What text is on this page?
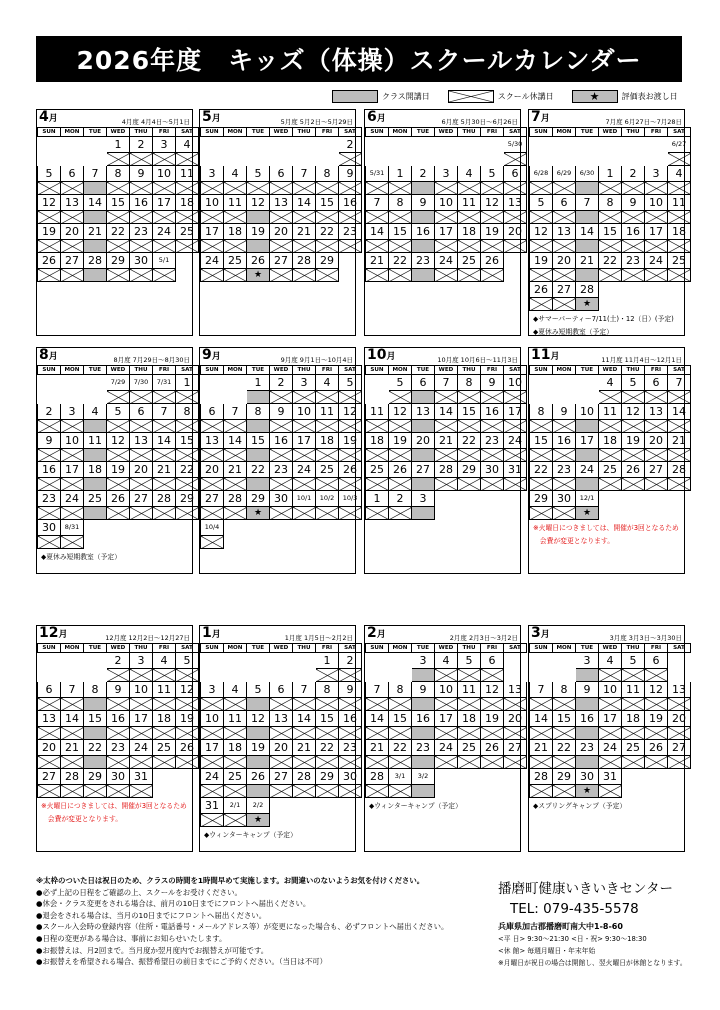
2026年度　キッズ（体操）スクールカレンダー
クラス開講日	スクール休講日	★	評価表お渡し日
4月	4月度 4月4日～5月1日
SUN	MON	TUE	WED	THU	FRI	SAT
			1	2	3	4

5	6	7	8	9	10	11

12	13	14	15	16	17	18

19	20	21	22	23	24	25

26	27	28	29	30	5/1	

5月	5月度 5月2日～5月29日
SUN	MON	TUE	WED	THU	FRI	SAT
						2

3	4	5	6	7	8	9

10	11	12	13	14	15	16

17	18	19	20	21	22	23

24	25	26	27	28	29	
		★				
6月	6月度 5月30日～6月26日
SUN	MON	TUE	WED	THU	FRI	SAT
						5/30

5/31	1	2	3	4	5	6

7	8	9	10	11	12	13

14	15	16	17	18	19	20

21	22	23	24	25	26	

7月	7月度 6月27日～7月28日
SUN	MON	TUE	WED	THU	FRI	SAT
						6/27

6/28	6/29	6/30	1	2	3	4

5	6	7	8	9	10	11

12	13	14	15	16	17	18

19	20	21	22	23	24	25

26	27	28				
		★				
◆サマーパーティー7/11(土)・12（日）(予定)
◆夏休み短期教室（予定）
8月	8月度 7月29日～8月30日
SUN	MON	TUE	WED	THU	FRI	SAT
			7/29	7/30	7/31	1

2	3	4	5	6	7	8

9	10	11	12	13	14	15

16	17	18	19	20	21	22

23	24	25	26	27	28	29

30	8/31					

◆夏休み短期教室（予定）
9月	9月度 9月1日～10月4日
SUN	MON	TUE	WED	THU	FRI	SAT
		1	2	3	4	5

6	7	8	9	10	11	12

13	14	15	16	17	18	19

20	21	22	23	24	25	26

27	28	29	30	10/1	10/2	10/3
		★				
10/4						

10月	10月度 10月6日～11月3日
SUN	MON	TUE	WED	THU	FRI	SAT
	5	6	7	8	9	10

11	12	13	14	15	16	17

18	19	20	21	22	23	24

25	26	27	28	29	30	31

1	2	3				

11月	11月度 11月4日～12月1日
SUN	MON	TUE	WED	THU	FRI	SAT
			4	5	6	7

8	9	10	11	12	13	14

15	16	17	18	19	20	21

22	23	24	25	26	27	28

29	30	12/1				
		★				
※火曜日につきましては、開催が3回となるため
　会費が変更となります。
12月	12月度 12月2日～12月27日
SUN	MON	TUE	WED	THU	FRI	SAT
			2	3	4	5

6	7	8	9	10	11	12

13	14	15	16	17	18	19

20	21	22	23	24	25	26

27	28	29	30	31		

※火曜日につきましては、開催が3回となるため
　会費が変更となります。
1月	1月度 1月5日～2月2日
SUN	MON	TUE	WED	THU	FRI	SAT
					1	2

3	4	5	6	7	8	9

10	11	12	13	14	15	16

17	18	19	20	21	22	23

24	25	26	27	28	29	30

31	2/1	2/2				
		★				
◆ウィンターキャンプ（予定）
2月	2月度 2月3日～3月2日
SUN	MON	TUE	WED	THU	FRI	SAT
		3	4	5	6	

7	8	9	10	11	12	13

14	15	16	17	18	19	20

21	22	23	24	25	26	27

28	3/1	3/2				

◆ウィンターキャンプ（予定）
3月	3月度 3月3日～3月30日
SUN	MON	TUE	WED	THU	FRI	SAT
		3	4	5	6	

7	8	9	10	11	12	13

14	15	16	17	18	19	20

21	22	23	24	25	26	27

28	29	30	31			
		★				
◆スプリングキャンプ（予定）
※太枠のついた日は祝日のため、クラスの時間を1時間早めて実施します。お間違いのないようお気を付けください。
●必ず上記の日程をご確認の上、スクールをお受けください。
●休会・クラス変更をされる場合は、前月の10日までにフロントへ届出ください。
●退会をされる場合は、当月の10日までにフロントへ届出ください。
●スクール入会時の登録内容（住所・電話番号・メールアドレス等）が変更になった場合も、必ずフロントへ届出ください。
●日程の変更がある場合は、事前にお知らせいたします。
●お振替えは、月2回まで。当月度か翌月度内でお振替えが可能です。
●お振替えを希望される場合、振替希望日の前日までにご予約ください。（当日は不可）
播磨町健康いきいきセンター
TEL: 079-435-5578
兵庫県加古郡播磨町南大中1-8-60
<平 日> 9:30～21:30 <日・祝> 9:30～18:30
<休 館> 毎週月曜日・年末年始
※月曜日が祝日の場合は開館し、翌火曜日が休館となります。
